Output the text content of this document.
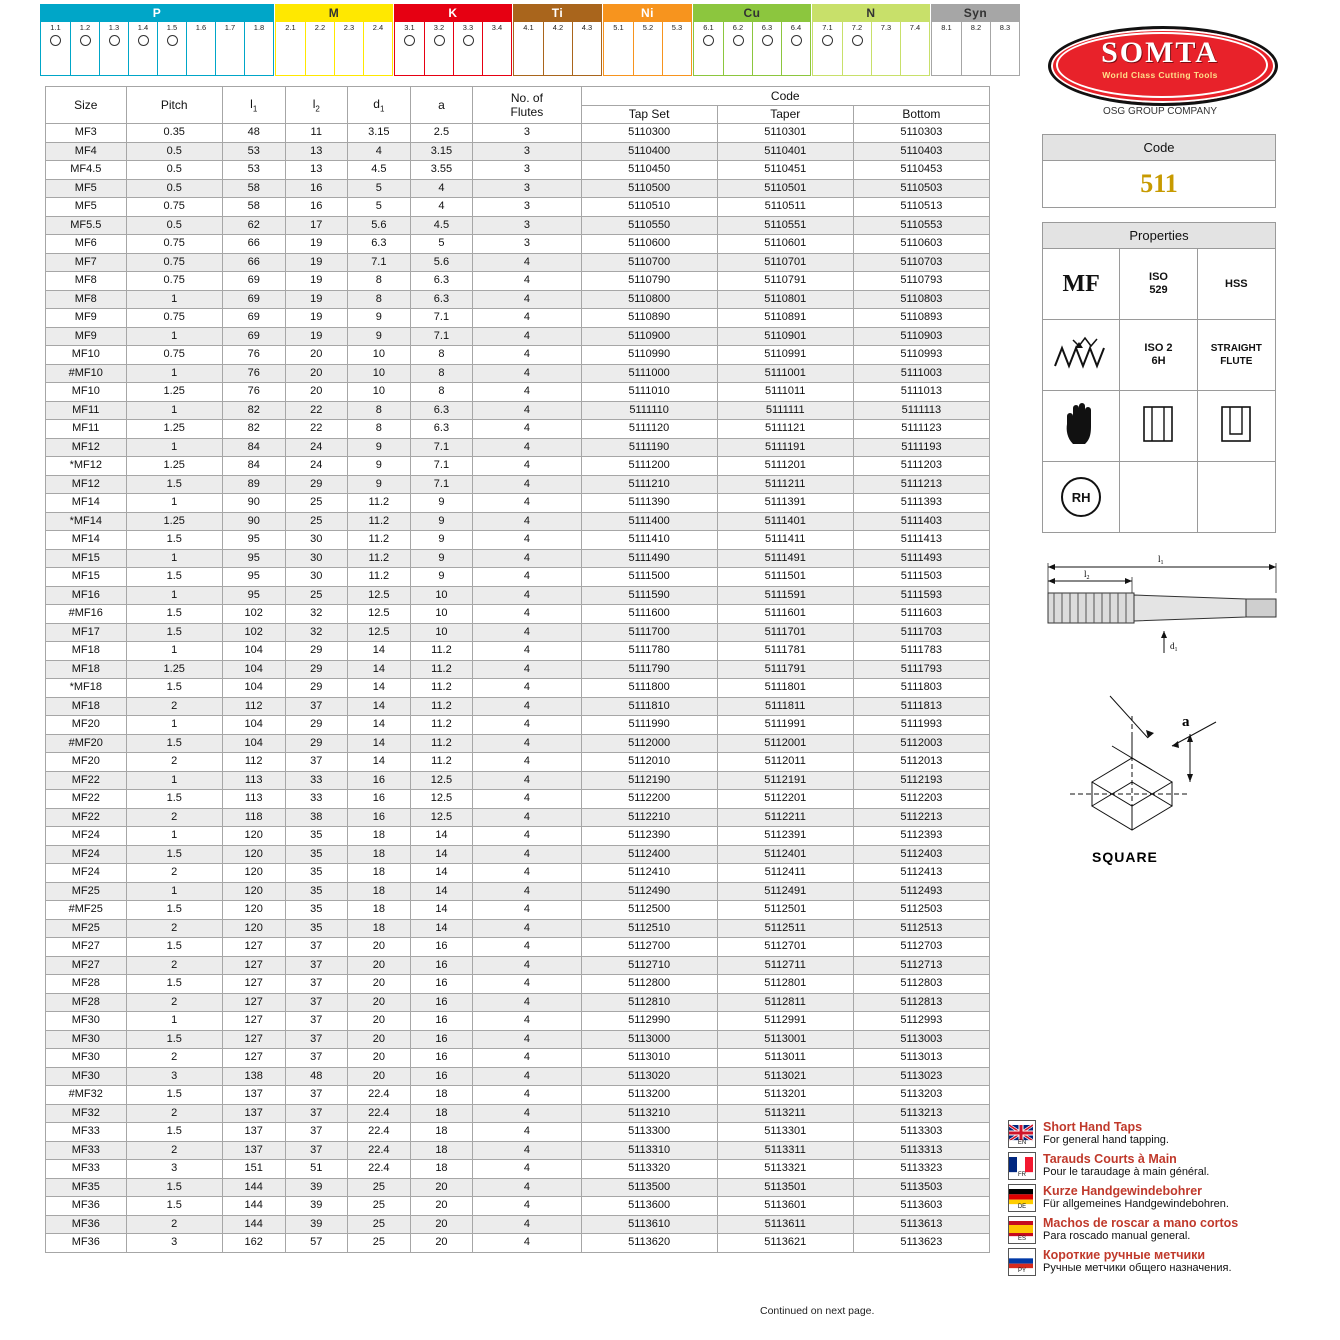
P
1.1	1.2 1.3 1.4 1.5 1.6 1.7 1.8
M
2.1	2.2 2.3 2.4
K
3.1	3.2 3.3 3.4
Ti
4.1	4.2 4.3
Ni
5.1	5.2 5.3
Cu
6.1	6.2 6.3 6.4
N
7.1	7.2 7.3 7.4
Syn
8.1	8.2 8.3
Size	Pitch	$l_1$	$l_2$	$d_1$	a	No. of
Flutes	Code		
							Tap Set	Taper	Bottom
MF3	0.35	48	11	3.15	2.5	3	5110300	5110301	5110303
MF4	0.5	53	13	4	3.15	3	5110400	5110401	5110403
MF4.5	0.5	53	13	4.5	3.55	3	5110450	5110451	5110453
MF5	0.5	58	16	5	4	3	5110500	5110501	5110503
MF5	0.75	58	16	5	4	3	5110510	5110511	5110513
MF5.5	0.5	62	17	5.6	4.5	3	5110550	5110551	5110553
MF6	0.75	66	19	6.3	5	3	5110600	5110601	5110603
MF7	0.75	66	19	7.1	5.6	4	5110700	5110701	5110703
MF8	0.75	69	19	8	6.3	4	5110790	5110791	5110793
MF8	1	69	19	8	6.3	4	5110800	5110801	5110803
MF9	0.75	69	19	9	7.1	4	5110890	5110891	5110893
MF9	1	69	19	9	7.1	4	5110900	5110901	5110903
MF10	0.75	76	20	10	8	4	5110990	5110991	5110993
#MF10	1	76	20	10	8	4	5111000	5111001	5111003
MF10	1.25	76	20	10	8	4	5111010	5111011	5111013
MF11	1	82	22	8	6.3	4	5111110	5111111	5111113
MF11	1.25	82	22	8	6.3	4	5111120	5111121	5111123
MF12	1	84	24	9	7.1	4	5111190	5111191	5111193
*MF12	1.25	84	24	9	7.1	4	5111200	5111201	5111203
MF12	1.5	89	29	9	7.1	4	5111210	5111211	5111213
MF14	1	90	25	11.2	9	4	5111390	5111391	5111393
*MF14	1.25	90	25	11.2	9	4	5111400	5111401	5111403
MF14	1.5	95	30	11.2	9	4	5111410	5111411	5111413
MF15	1	95	30	11.2	9	4	5111490	5111491	5111493
MF15	1.5	95	30	11.2	9	4	5111500	5111501	5111503
MF16	1	95	25	12.5	10	4	5111590	5111591	5111593
#MF16	1.5	102	32	12.5	10	4	5111600	5111601	5111603
MF17	1.5	102	32	12.5	10	4	5111700	5111701	5111703
MF18	1	104	29	14	11.2	4	5111780	5111781	5111783
MF18	1.25	104	29	14	11.2	4	5111790	5111791	5111793
*MF18	1.5	104	29	14	11.2	4	5111800	5111801	5111803
MF18	2	112	37	14	11.2	4	5111810	5111811	5111813
MF20	1	104	29	14	11.2	4	5111990	5111991	5111993
#MF20	1.5	104	29	14	11.2	4	5112000	5112001	5112003
MF20	2	112	37	14	11.2	4	5112010	5112011	5112013
MF22	1	113	33	16	12.5	4	5112190	5112191	5112193
MF22	1.5	113	33	16	12.5	4	5112200	5112201	5112203
MF22	2	118	38	16	12.5	4	5112210	5112211	5112213
MF24	1	120	35	18	14	4	5112390	5112391	5112393
MF24	1.5	120	35	18	14	4	5112400	5112401	5112403
MF24	2	120	35	18	14	4	5112410	5112411	5112413
MF25	1	120	35	18	14	4	5112490	5112491	5112493
#MF25	1.5	120	35	18	14	4	5112500	5112501	5112503
MF25	2	120	35	18	14	4	5112510	5112511	5112513
MF27	1.5	127	37	20	16	4	5112700	5112701	5112703
MF27	2	127	37	20	16	4	5112710	5112711	5112713
MF28	1.5	127	37	20	16	4	5112800	5112801	5112803
MF28	2	127	37	20	16	4	5112810	5112811	5112813
MF30	1	127	37	20	16	4	5112990	5112991	5112993
MF30	1.5	127	37	20	16	4	5113000	5113001	5113003
MF30	2	127	37	20	16	4	5113010	5113011	5113013
MF30	3	138	48	20	16	4	5113020	5113021	5113023
#MF32	1.5	137	37	22.4	18	4	5113200	5113201	5113203
MF32	2	137	37	22.4	18	4	5113210	5113211	5113213
MF33	1.5	137	37	22.4	18	4	5113300	5113301	5113303
MF33	2	137	37	22.4	18	4	5113310	5113311	5113313
MF33	3	151	51	22.4	18	4	5113320	5113321	5113323
MF35	1.5	144	39	25	20	4	5113500	5113501	5113503
MF36	1.5	144	39	25	20	4	5113600	5113601	5113603
MF36	2	144	39	25	20	4	5113610	5113611	5113613
MF36	3	162	57	25	20	4	5113620	5113621	5113623
Continued on next page.
SOMTA
World Class Cutting Tools
OSG GROUP COMPANY
Code
511
Properties
MF	ISO
529
HSS
ISO 2
6H
STRAIGHT
FLUTE
RH
$l_1$
$l_2$
$d_1$
a
SQUARE
EN
Short Hand Taps
For general hand tapping.
FR
Tarauds Courts à Main
Pour le taraudage à main général.
DE
Kurze Handgewindebohrer
Für allgemeines Handgewindebohren.
ES
Machos de roscar a mano cortos
Para roscado manual general.
PY
Короткие ручные метчики
Ручные метчики общего назначения.
